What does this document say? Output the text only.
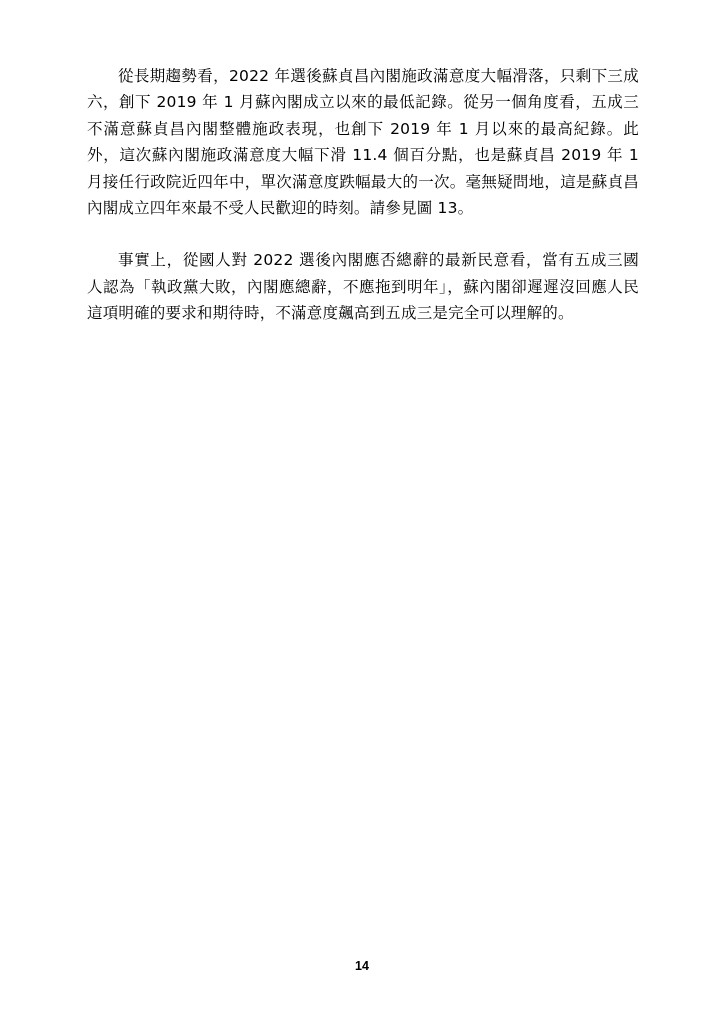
從長期趨勢看，2022 年選後蘇貞昌內閣施政滿意度大幅滑落，只剩下三成六，創下 2019 年 1 月蘇內閣成立以來的最低記錄。從另一個角度看，五成三不滿意蘇貞昌內閣整體施政表現，也創下 2019 年 1 月以來的最高紀錄。此外，這次蘇內閣施政滿意度大幅下滑 11.4 個百分點，也是蘇貞昌 2019 年 1 月接任行政院近四年中，單次滿意度跌幅最大的一次。毫無疑問地，這是蘇貞昌內閣成立四年來最不受人民歡迎的時刻。請參見圖 13。

事實上，從國人對 2022 選後內閣應否總辭的最新民意看，當有五成三國人認為「執政黨大敗，內閣應總辭，不應拖到明年」，蘇內閣卻遲遲沒回應人民這項明確的要求和期待時，不滿意度飆高到五成三是完全可以理解的。

14
